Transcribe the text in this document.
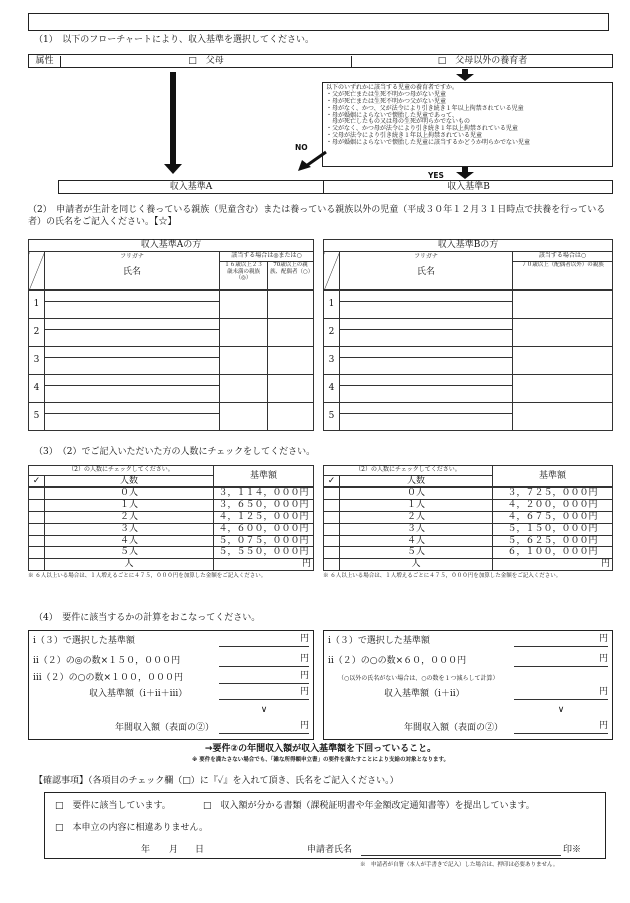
（1）　以下のフローチャートにより、収入基準を選択してください。
属性	□　父母	□　父母以外の養育者
以下のいずれかに該当する児童の養育者ですか。
・父が死亡または生死不明かつ母がない児童
・母が死亡または生死不明かつ父がない児童
・母がなく、かつ、父が法令により引き続き１年以上拘禁されている児童
・母が婚姻によらないで懐胎した児童であって、
　母が死亡したもの又は母の生死が明らかでないもの
・父がなく、かつ母が法令により引き続き１年以上拘禁されている児童
・父母が法令により引き続き１年以上拘禁されている児童
・母が婚姻によらないで懐胎した児童に該当するかどうか明らかでない児童
NO
YES
収入基準A	収入基準B
（2）　申請者が生計を同じく養っている親族（児童含む）または養っている親族以外の児童（平成３０年１２月３１日時点で扶養を行っている者）の氏名をご記入ください。【☆】
収入基準Aの方			

	フリガナ
氏名	該当する場合は◎または○	
		１６歳以上２３歳未満の親族（◎）	70歳以上の親族、配偶者（○）
1			

2			

3			

4			

5			

収入基準Bの方

フリガナ
氏名
	該当する場合は○
７０歳以上（配偶者以外）の親族
1		

2		

3		

4		

5		

（3）　（2）でご記入いただいた方の人数にチェックをしてください。
（2）の人数にチェックしてください。		基準額
✓	人数	
	０人	３，１１４，０００円
	１人	３，６５０，０００円
	２人	４，１２５，０００円
	３人	４，６００，０００円
	４人	５，０７５，０００円
	５人	５，５５０，０００円
	人	円
※ ６人以上いる場合は、１人増えるごとに４７５，０００円を加算した金額をご記入ください。
（2）の人数にチェックしてください。		基準額
✓	人数	
	０人	３，７２５，０００円
	１人	４，２００，０００円
	２人	４，６７５，０００円
	３人	５，１５０，０００円
	４人	５，６２５，０００円
	５人	６，１００，０００円
	人	円
※ ６人以上いる場合は、１人増えるごとに４７５，０００円を加算した金額をご記入ください。
（4）　要件に該当するかの計算をおこなってください。
ⅰ（３）で選択した基準額	円
ⅱ（２）の◎の数×１５０，０００円	円
ⅲ（２）の○の数×１００，０００円	円
収入基準額（ⅰ＋ⅱ＋ⅲ）	円
∨
年間収入額（表面の②）	円
ⅰ（３）で選択した基準額	円
ⅱ（２）の○の数×６０，０００円	円
（○以外の氏名がない場合は、○の数を１つ減らして計算）
収入基準額（ⅰ＋ⅱ）	円
∨
年間収入額（表面の②）	円
→要件②の年間収入額が収入基準額を下回っていること。
※ 要件を満たさない場合でも、「雑な所得額申立書」の要件を満たすことにより支給の対象となります。
【確認事項】（各項目のチェック欄（□）に『✓』を入れて頂き、氏名をご記入ください。）
□　要件に該当しています。	□　収入額が分かる書類（課税証明書や年金額改定通知書等）を提出しています。
□　本申立の内容に相違ありません。
年 月 日	申請者氏名	印※
※　申請者が自署（本人が手書きで記入）した場合は、押印は必要ありません。
